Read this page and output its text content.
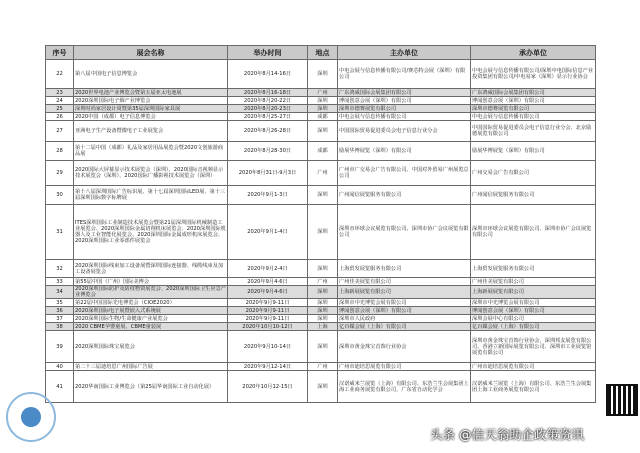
序号	展会名称	举办时间	地点	主办单位	承办单位
22	第八届中国电子信息博览会	2020年8月14-16日	深圳	中电会展与信息传播有限公司/赛芯特会展（深圳）有限公司	中电会展与信息传播有限公司/深圳中电国际信息产业投资集团有限公司/中电易家（深圳）显示行业协会
23	2020世界电池产业博览会暨第五届亚太电池展	2020年8月16-18日	广州	广东鸿威国际会展集团有限公司	广东鸿威国际会展集团有限公司
24	2020深圳国际电子烟产业博览会	2020年8月20-22日	深圳	博闻创意会展（深圳）有限公司	博闻创意会展（深圳）有限公司
25	深圳时尚家居设计周暨第35届深圳国际家具展	2020年8月20-23日	深圳	深圳市德赛展览有限公司	深圳市德赛展览有限公司
26	2020中国（成都）电子信息博览会	2020年8月25-27日	成都	中电会展与信息传播有限公司	中电会展与信息传播有限公司
27	亚洲电子生产设备暨微电子工业展览会	2020年8月26-28日	深圳	中国国际贸易促进委员会电子信息行业分会	中国国际贸易促进委员会电子信息行业分会、北京励德展览有限公司
28	第十二届中国（成都）礼品及家居用品展览会暨2020文创旅游商品展	2020年8月28-30日	成都	励展华博展览（深圳）有限公司	励展华博展览（深圳）有限公司
29	2020国际大屏幕显示技术展览会（深圳）、2020国际音视频显示技术展览会（深圳）、2020国际广播影视技术展览会（深圳）	2020年8月31日-9月3日	广州	广州市广交易会广告有限公司、中国对外贸易广州展览总公司	广州交易会广告有限公司
30	第十八届深圳国际广告标识展、第十七届深圳国际LED展、第十三届深圳国际数字标牌展	2020年9月1-3日	深圳	广州闻信展览服务有限公司	广州闻信展览服务有限公司
31	ITES深圳国际工业制造技术展览会暨第21届深圳国际机械制造工业展览会、2020深圳国际金属切削机床展览会、2020深圳国际机器人及工业智能化展览会、2020深圳国际金属成形机床展览会、2020深圳国际工业零部件展览会	2020年9月1-4日	深圳	深圳市环球会议展览有限公司、深圳市协广会议展览有限公司	深圳市环球会议展览有限公司、深圳市协广会议展览有限公司
32	2020深圳国际线束加工设备展暨深圳国际连接器、线缆线束及加工设备展览会	2020年9月2-4日	深圳	上海贸发展览服务有限公司	上海贸发展览服务有限公司
33	第55届中国（广州）国际美博会	2020年9月4-6日	广州	广州佳美展览有限公司	广州佳美展览有限公司
34	2020深圳国际防护及防疫物资展览会、2020深圳国际卫生应急产业博览会	2020年9月4-6日	深圳	上海新展展览有限公司	上海新展展览有限公司
35	第22届中国国际光电博览会（CIOE2020）	2020年9月9-11日	深圳	深圳市中光博览会展有限公司	深圳市中光博览会展有限公司
36	2020深圳国际电子展暨嵌入式系统展	2020年9月9-11日	深圳	博闻创意会展（深圳）有限公司	博闻创意会展（深圳）有限公司
37	2020深圳国际生物/生命健康产业展览会	2020年9月9-11日	深圳	深圳市人民政府	深圳会展中心有限公司
38	2020 CBME孕婴童展、CBME童装展	2020年10月10-12日	上海	亿百媒会展（上海）有限公司	亿百媒会展（上海）有限公司
39	2020深圳国际珠宝展览会	2020年9月10-14日	深圳	深圳市黄金珠宝首饰行业协会	深圳市黄金珠宝首饰行业协会、深圳邦友展览有限公司、香港立新国际展览有限公司、深圳市工业展览馆展览有限公司
40	第二十三届迪培思广州国际广告展	2020年9月12-14日	广州	广州市迪培思展览有限公司	广州市迪培思展览有限公司
41	2020华南国际工业博览会（第25届华南国际工业自动化展）	2020年10月12-15日	深圳	汉诺威米兰展览（上海）有限公司、东浩兰生会展集团上海工业商务展览有限公司、广东省自动化学会	汉诺威米兰展览（上海）有限公司、东浩兰生会展集团上海工业商务展览有限公司
头条 @信天翁助企政策资讯
